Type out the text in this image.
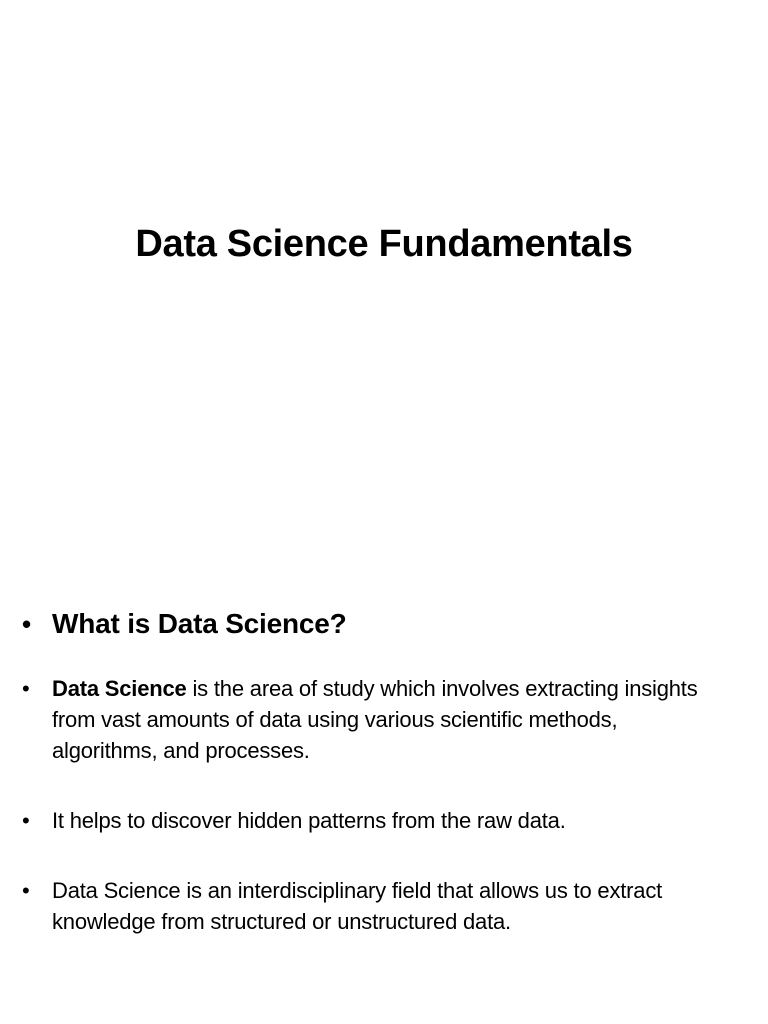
Data Science Fundamentals
• What is Data Science?
•	Data Science is the area of study which involves extracting insights from vast amounts of data using various scientific methods, algorithms, and processes.
•	It helps to discover hidden patterns from the raw data.
•	Data Science is an interdisciplinary field that allows us to extract knowledge from structured or unstructured data.
